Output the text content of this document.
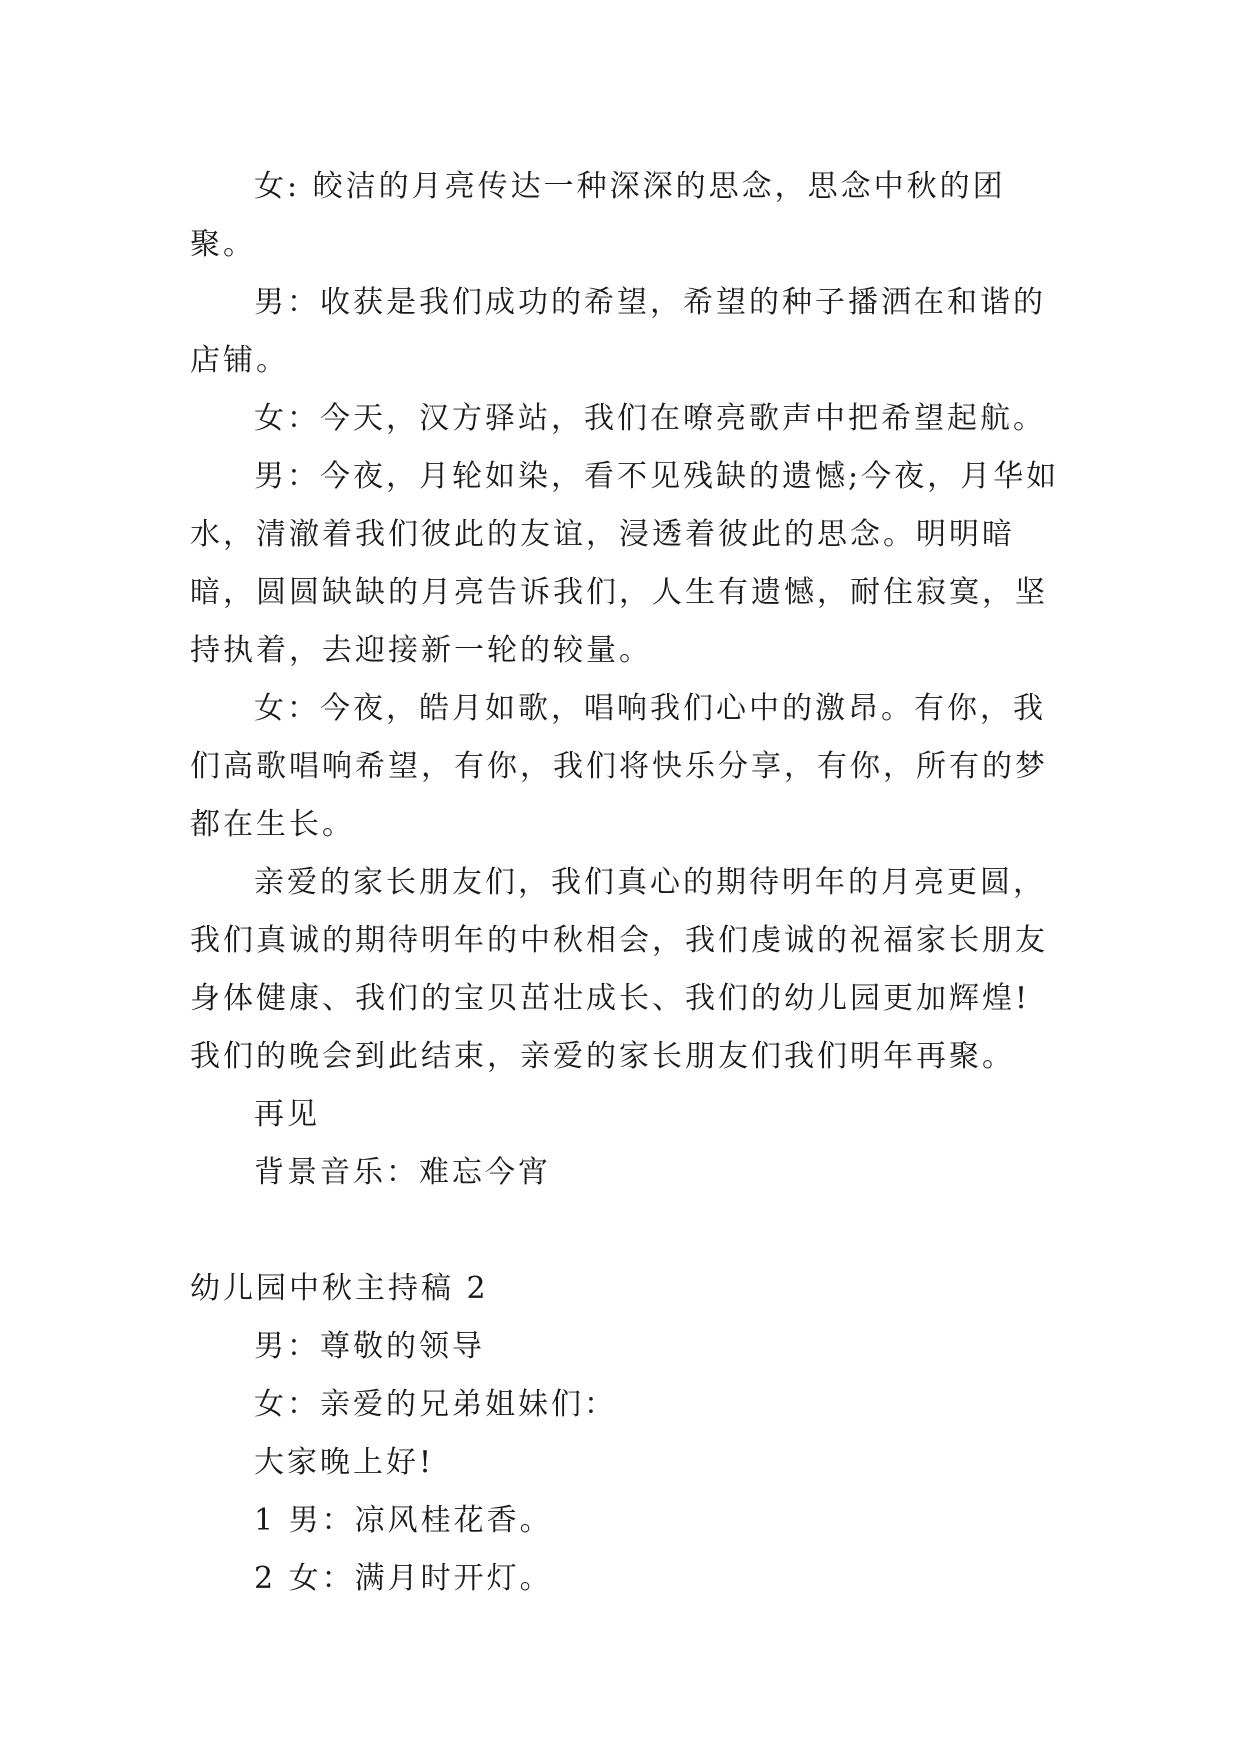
女: 皎洁的月亮传达一种深深的思念，思念中秋的团聚。

男：收获是我们成功的希望，希望的种子播洒在和谐的店铺。

女：今天，汉方驿站，我们在嘹亮歌声中把希望起航。

男：今夜，月轮如染，看不见残缺的遗憾;今夜，月华如水，清澈着我们彼此的友谊，浸透着彼此的思念。明明暗暗，圆圆缺缺的月亮告诉我们，人生有遗憾，耐住寂寞，坚持执着，去迎接新一轮的较量。

女：今夜，皓月如歌，唱响我们心中的激昂。有你，我们高歌唱响希望，有你，我们将快乐分享，有你，所有的梦都在生长。

亲爱的家长朋友们，我们真心的期待明年的月亮更圆，我们真诚的期待明年的中秋相会，我们虔诚的祝福家长朋友身体健康、我们的宝贝茁壮成长、我们的幼儿园更加辉煌! 我们的晚会到此结束，亲爱的家长朋友们我们明年再聚。

再见

背景音乐：难忘今宵

幼儿园中秋主持稿 2

男：尊敬的领导

女：亲爱的兄弟姐妹们：

大家晚上好!

1 男：凉风桂花香。

2 女：满月时开灯。
